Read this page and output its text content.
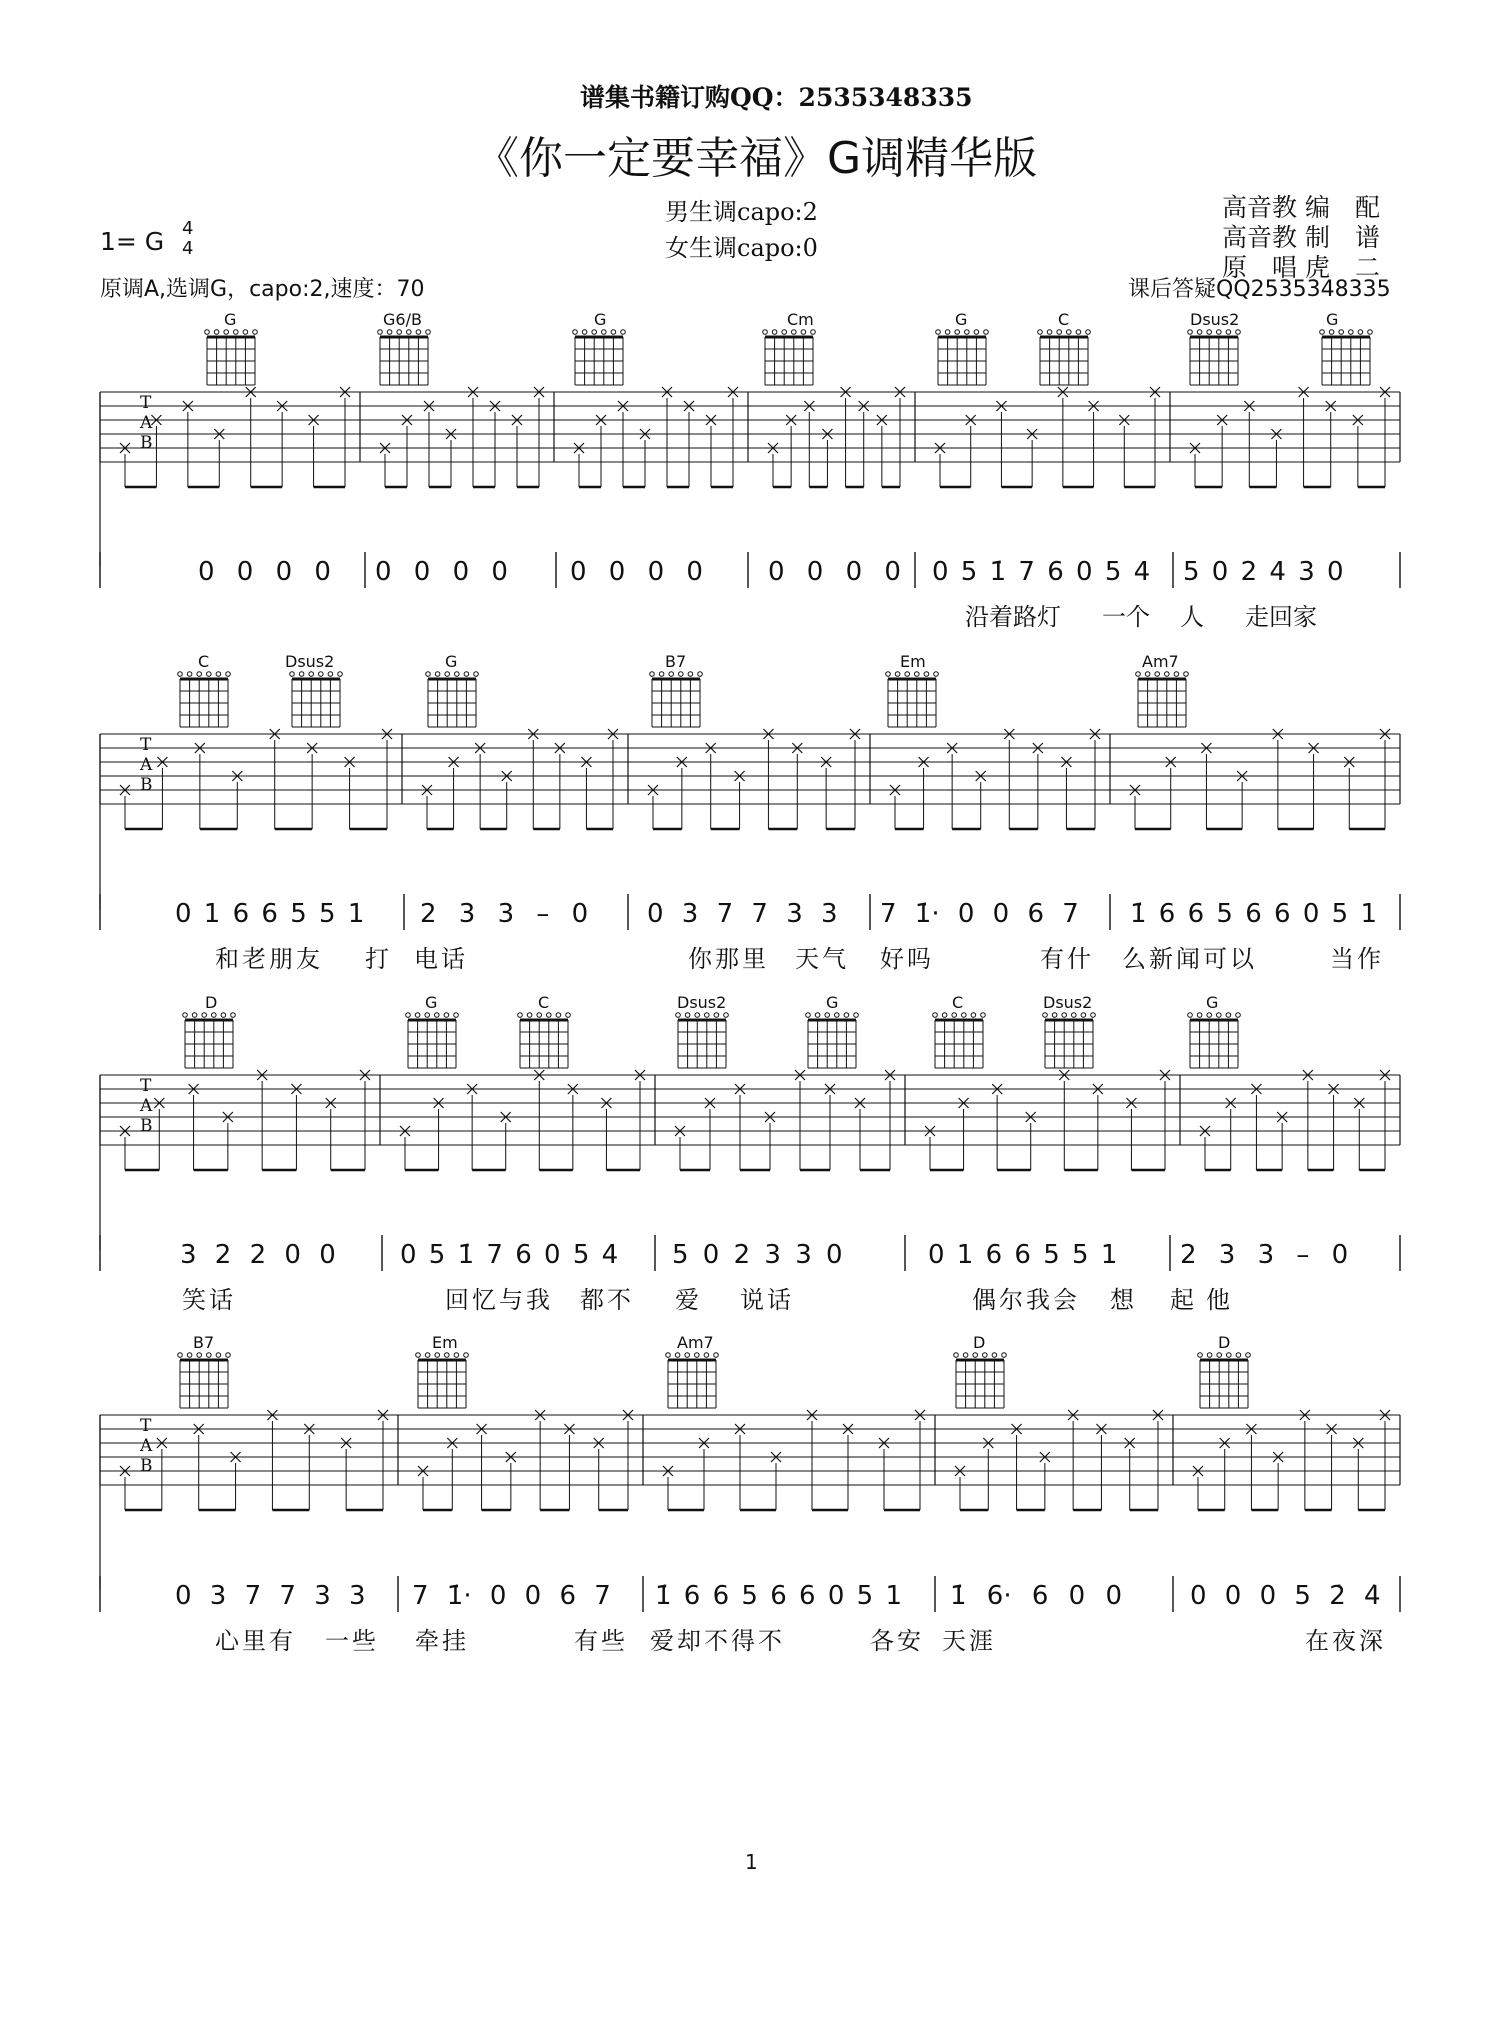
谱集书籍订购QQ：2535348335
《你一定要幸福》G调精华版
男生调capo:2
女生调capo:0
1= G 4
4
原调A,选调G，capo:2,速度：70
高音教 编　配
高音教 制　谱
原　唱 虎　二
课后答疑QQ2535348335
G	G6/B	G	Cm	G	C	Dsus2	G
C	Dsus2	G	B7	Em	Am7
D	G	C	Dsus2	G	C	Dsus2	G
B7	Em	Am7	D	D
T
A
B
T
A
B
T
A
B
T
A
B
0 0 0 0 0 0 0 0 0 0 0 0	0 0 0 0 0 5 1̇ 7 6 0 5 4 5 0 2 4 3 0
0 1 6 6 5 5 1 2 3 3 – 0 0 3 7 7 3 3 7 1̇· 0 0 6 7 1̇ 6 6 5 6 6 0 5 1
3 2 2 0 0 0 5 1̇ 7 6 0 5 4 5 0 2 3 3 0	0 1 6 6 5 5 1 2 3 3 – 0
0 3 7 7 3 3 7 1̇· 0 0 6 7 1̇ 6 6 5 6 6 0 5 1 1̇ 6· 6 0 0	0 0 0 5 2̇ 4̇
沿着路灯 一个 人 走回家
和老朋友 打 电话	你那里 天气 好吗	有什 么新闻可以	当作
笑话	回忆与我 都不 爱 说话	偶尔我会 想 起他
心里有 一些 牵挂	有些 爱却不得不	各安 天涯	在夜深
1
